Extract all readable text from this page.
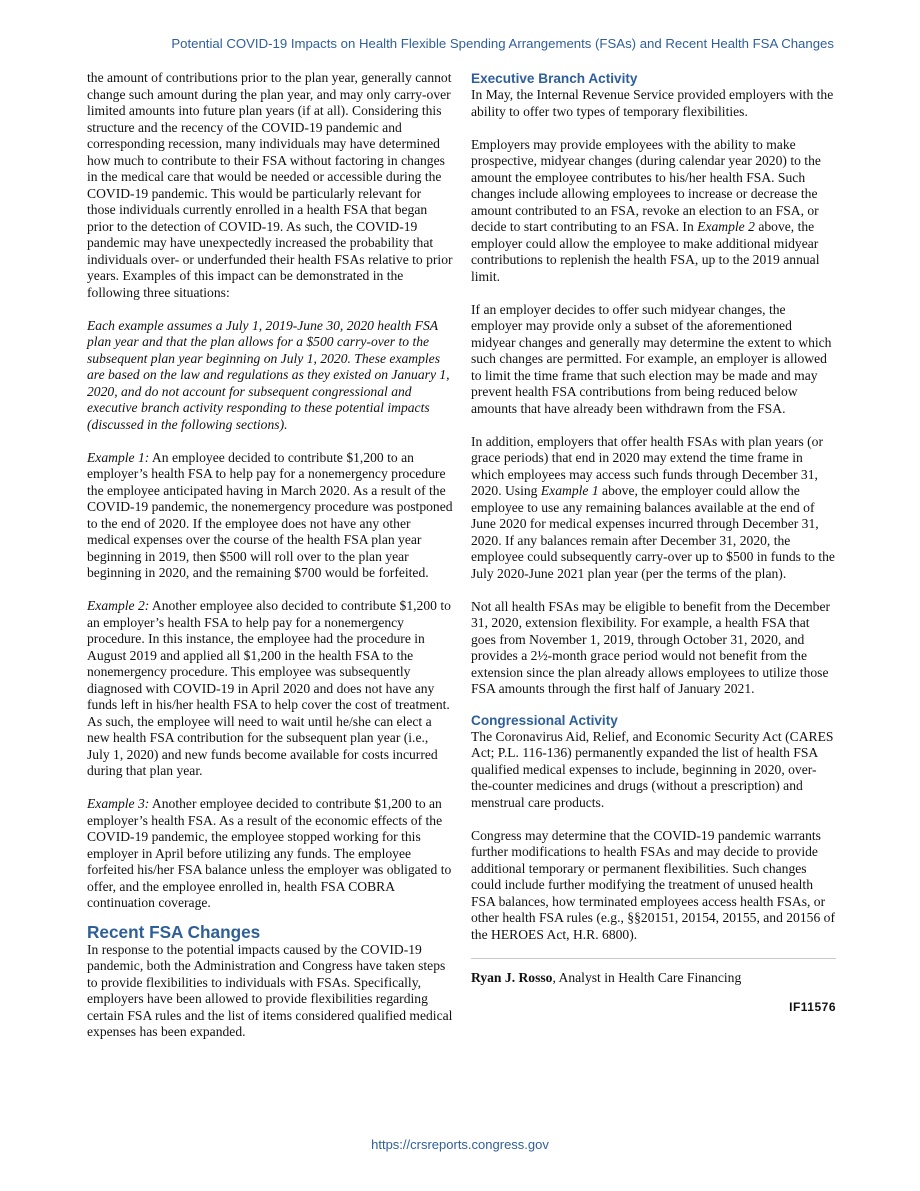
Potential COVID-19 Impacts on Health Flexible Spending Arrangements (FSAs) and Recent Health FSA Changes

the amount of contributions prior to the plan year, generally cannot change such amount during the plan year, and may only carry-over limited amounts into future plan years (if at all). Considering this structure and the recency of the COVID-19 pandemic and corresponding recession, many individuals may have determined how much to contribute to their FSA without factoring in changes in the medical care that would be needed or accessible during the COVID-19 pandemic. This would be particularly relevant for those individuals currently enrolled in a health FSA that began prior to the detection of COVID-19. As such, the COVID-19 pandemic may have unexpectedly increased the probability that individuals over- or underfunded their health FSAs relative to prior years. Examples of this impact can be demonstrated in the following three situations:

Each example assumes a July 1, 2019-June 30, 2020 health FSA plan year and that the plan allows for a $500 carry-over to the subsequent plan year beginning on July 1, 2020. These examples are based on the law and regulations as they existed on January 1, 2020, and do not account for subsequent congressional and executive branch activity responding to these potential impacts (discussed in the following sections).

Example 1: An employee decided to contribute $1,200 to an employer’s health FSA to help pay for a nonemergency procedure the employee anticipated having in March 2020. As a result of the COVID-19 pandemic, the nonemergency procedure was postponed to the end of 2020. If the employee does not have any other medical expenses over the course of the health FSA plan year beginning in 2019, then $500 will roll over to the plan year beginning in 2020, and the remaining $700 would be forfeited.

Example 2: Another employee also decided to contribute $1,200 to an employer’s health FSA to help pay for a nonemergency procedure. In this instance, the employee had the procedure in August 2019 and applied all $1,200 in the health FSA to the nonemergency procedure. This employee was subsequently diagnosed with COVID-19 in April 2020 and does not have any funds left in his/her health FSA to help cover the cost of treatment. As such, the employee will need to wait until he/she can elect a new health FSA contribution for the subsequent plan year (i.e., July 1, 2020) and new funds become available for costs incurred during that plan year.

Example 3: Another employee decided to contribute $1,200 to an employer’s health FSA. As a result of the economic effects of the COVID-19 pandemic, the employee stopped working for this employer in April before utilizing any funds. The employee forfeited his/her FSA balance unless the employer was obligated to offer, and the employee enrolled in, health FSA COBRA continuation coverage.

Recent FSA Changes

In response to the potential impacts caused by the COVID-19 pandemic, both the Administration and Congress have taken steps to provide flexibilities to individuals with FSAs. Specifically, employers have been allowed to provide flexibilities regarding certain FSA rules and the list of items considered qualified medical expenses has been expanded.

Executive Branch Activity

In May, the Internal Revenue Service provided employers with the ability to offer two types of temporary flexibilities.

Employers may provide employees with the ability to make prospective, midyear changes (during calendar year 2020) to the amount the employee contributes to his/her health FSA. Such changes include allowing employees to increase or decrease the amount contributed to an FSA, revoke an election to an FSA, or decide to start contributing to an FSA. In Example 2 above, the employer could allow the employee to make additional midyear contributions to replenish the health FSA, up to the 2019 annual limit.

If an employer decides to offer such midyear changes, the employer may provide only a subset of the aforementioned midyear changes and generally may determine the extent to which such changes are permitted. For example, an employer is allowed to limit the time frame that such election may be made and may prevent health FSA contributions from being reduced below amounts that have already been withdrawn from the FSA.

In addition, employers that offer health FSAs with plan years (or grace periods) that end in 2020 may extend the time frame in which employees may access such funds through December 31, 2020. Using Example 1 above, the employer could allow the employee to use any remaining balances available at the end of June 2020 for medical expenses incurred through December 31, 2020. If any balances remain after December 31, 2020, the employee could subsequently carry-over up to $500 in funds to the July 2020-June 2021 plan year (per the terms of the plan).

Not all health FSAs may be eligible to benefit from the December 31, 2020, extension flexibility. For example, a health FSA that goes from November 1, 2019, through October 31, 2020, and provides a 2½-month grace period would not benefit from the extension since the plan already allows employees to utilize those FSA amounts through the first half of January 2021.

Congressional Activity

The Coronavirus Aid, Relief, and Economic Security Act (CARES Act; P.L. 116-136) permanently expanded the list of health FSA qualified medical expenses to include, beginning in 2020, over-the-counter medicines and drugs (without a prescription) and menstrual care products.

Congress may determine that the COVID-19 pandemic warrants further modifications to health FSAs and may decide to provide additional temporary or permanent flexibilities. Such changes could include further modifying the treatment of unused health FSA balances, how terminated employees access health FSAs, or other health FSA rules (e.g., §§20151, 20154, 20155, and 20156 of the HEROES Act, H.R. 6800).

Ryan J. Rosso, Analyst in Health Care Financing

IF11576
https://crsreports.congress.gov
